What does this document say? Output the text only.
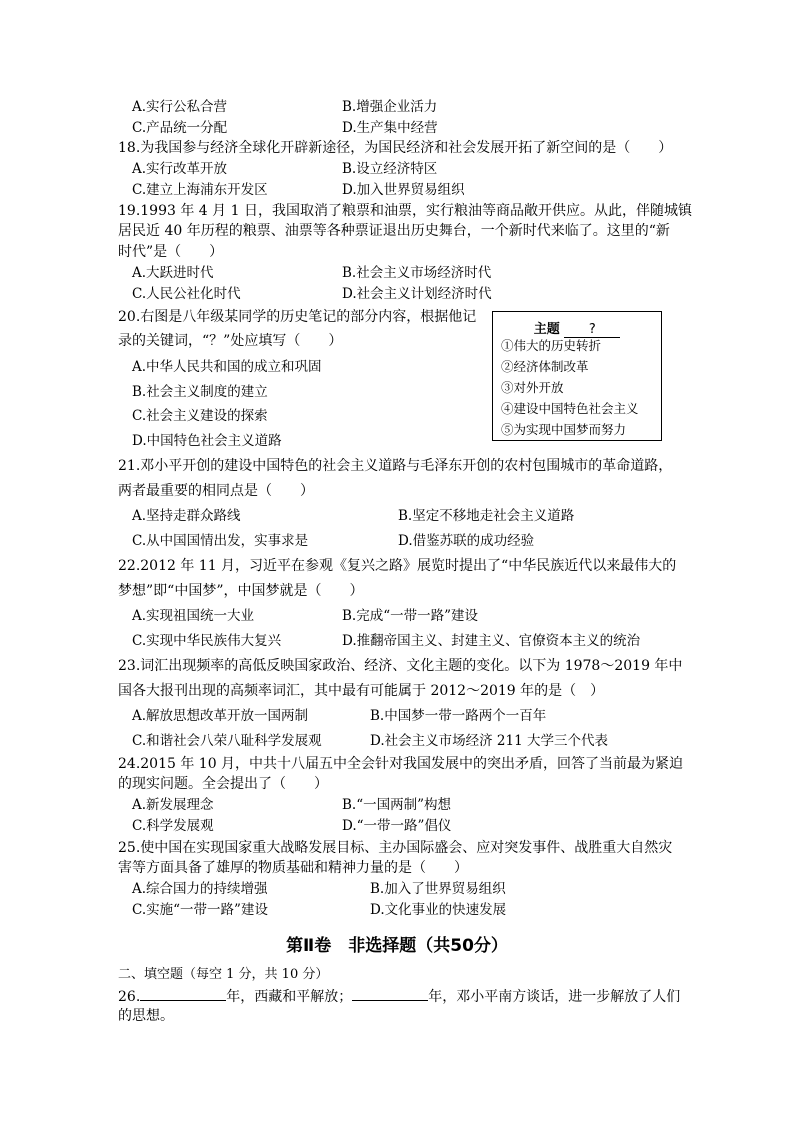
A.实行公私合营	B.增强企业活力
C.产品统一分配	D.生产集中经营
18.为我国参与经济全球化开辟新途径，为国民经济和社会发展开拓了新空间的是（　　）
A.实行改革开放	B.设立经济特区
C.建立上海浦东开发区	D.加入世界贸易组织
19.1993 年 4 月 1 日，我国取消了粮票和油票，实行粮油等商品敞开供应。从此，伴随城镇
居民近 40 年历程的粮票、油票等各种票证退出历史舞台，一个新时代来临了。这里的“新
时代”是（　　）
A.大跃进时代	B.社会主义市场经济时代
C.人民公社化时代	D.社会主义计划经济时代
20.右图是八年级某同学的历史笔记的部分内容，根据他记
录的关键词，“？”处应填写（　　）
A.中华人民共和国的成立和巩固
B.社会主义制度的建立
C.社会主义建设的探索
D.中国特色社会主义道路
主题 ?
①伟大的历史转折
②经济体制改革
③对外开放
④建设中国特色社会主义
⑤为实现中国梦而努力
21.邓小平开创的建设中国特色的社会主义道路与毛泽东开创的农村包围城市的革命道路，
两者最重要的相同点是（　　）
A.坚持走群众路线	B.坚定不移地走社会主义道路
C.从中国国情出发，实事求是	D.借鉴苏联的成功经验
22.2012 年 11 月，习近平在参观《复兴之路》展览时提出了“中华民族近代以来最伟大的
梦想”即“中国梦”，中国梦就是（　　）
A.实现祖国统一大业	B.完成“一带一路”建设
C.实现中华民族伟大复兴	D.推翻帝国主义、封建主义、官僚资本主义的统治
23.词汇出现频率的高低反映国家政治、经济、文化主题的变化。以下为 1978～2019 年中
国各大报刊出现的高频率词汇，其中最有可能属于 2012～2019 年的是（　）
A.解放思想改革开放一国两制	B.中国梦一带一路两个一百年
C.和谐社会八荣八耻科学发展观	D.社会主义市场经济 211 大学三个代表
24.2015 年 10 月，中共十八届五中全会针对我国发展中的突出矛盾，回答了当前最为紧迫
的现实问题。全会提出了（　　）
A.新发展理念	B.“一国两制”构想
C.科学发展观	D.“一带一路”倡仪
25.使中国在实现国家重大战略发展目标、主办国际盛会、应对突发事件、战胜重大自然灾
害等方面具备了雄厚的物质基础和精神力量的是（　　）
A.综合国力的持续增强	B.加入了世界贸易组织
C.实施“一带一路”建设	D.文化事业的快速发展
第Ⅱ卷　非选择题（共50分）
二、填空题（每空 1 分，共 10 分）
26.	年，西藏和平解放；	年，邓小平南方谈话，进一步解放了人们
的思想。
